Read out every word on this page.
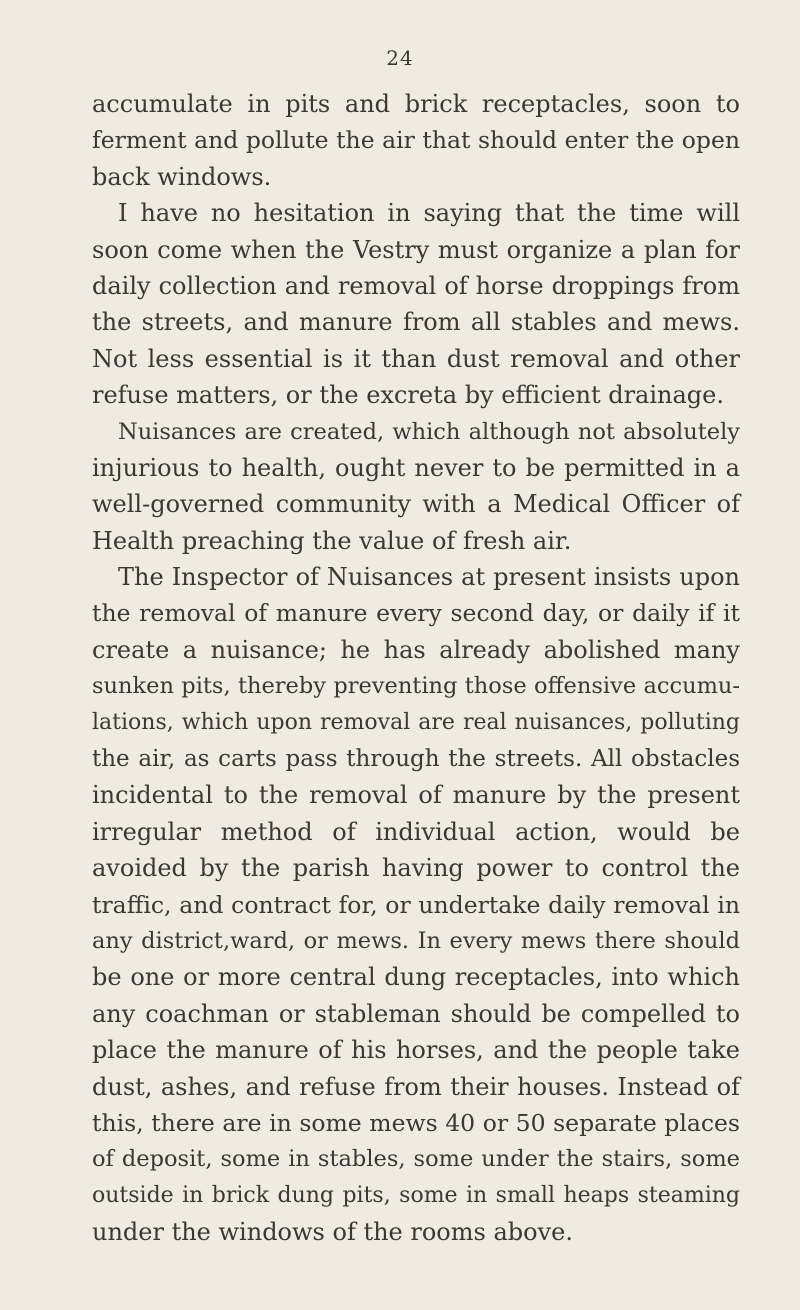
24
accumulate in pits and brick receptacles, soon to
ferment and pollute the air that should enter the open
back windows.
I have no hesitation in saying that the time will
soon come when the Vestry must organize a plan for
daily collection and removal of horse droppings from
the streets, and manure from all stables and mews.
Not less essential is it than dust removal and other
refuse matters, or the excreta by efficient drainage.
Nuisances are created, which although not absolutely
injurious to health, ought never to be permitted in a
well-governed community with a Medical Officer of
Health preaching the value of fresh air.
The Inspector of Nuisances at present insists upon
the removal of manure every second day, or daily if it
create a nuisance; he has already abolished many
sunken pits, thereby preventing those offensive accumu-
lations, which upon removal are real nuisances, polluting
the air, as carts pass through the streets. All obstacles
incidental to the removal of manure by the present
irregular method of individual action, would be
avoided by the parish having power to control the
traffic, and contract for, or undertake daily removal in
any district,ward, or mews. In every mews there should
be one or more central dung receptacles, into which
any coachman or stableman should be compelled to
place the manure of his horses, and the people take
dust, ashes, and refuse from their houses. Instead of
this, there are in some mews 40 or 50 separate places
of deposit, some in stables, some under the stairs, some
outside in brick dung pits, some in small heaps steaming
under the windows of the rooms above.
